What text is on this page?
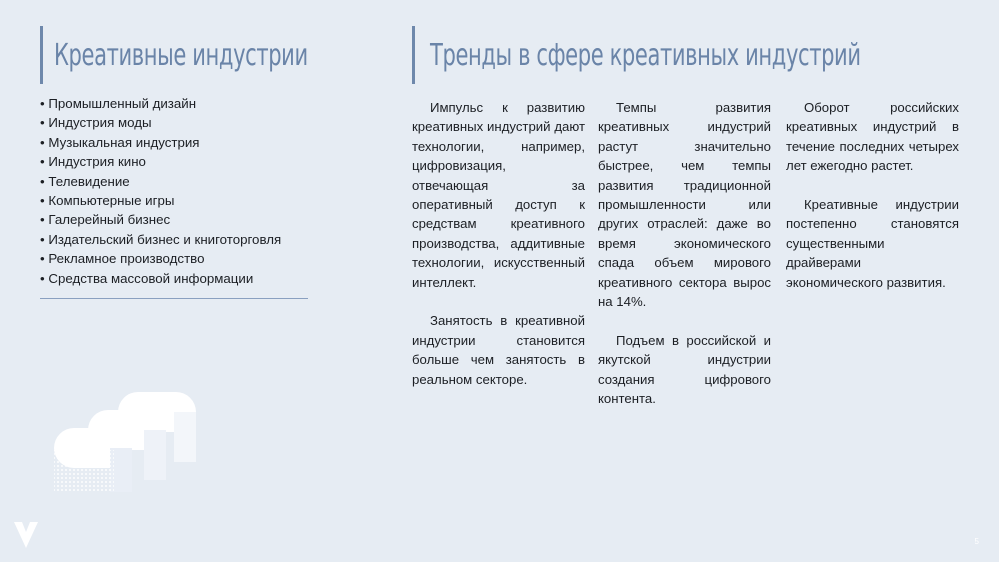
Креативные индустрии	Тренды в сфере креативных индустрий
• Промышленный дизайн
• Индустрия моды
• Музыкальная индустрия
• Индустрия кино
• Телевидение
• Компьютерные игры
• Галерейный бизнес
• Издательский бизнес и книготорговля
• Рекламное производство
• Средства массовой информации

Импульс к развитию креативных индустрий дают технологии, например, цифровизация, отвечающая за оперативный доступ к средствам креативного производства, аддитивные технологии, искусственный интеллект.

Занятость в креативной индустрии становится больше чем занятость в реальном секторе.

Темпы развития креативных индустрий растут значительно быстрее, чем темпы развития традиционной промышленности или других отраслей: даже во время экономического спада объем мирового креативного сектора вырос на 14%.

Подъем в российской и якутской индустрии создания цифрового контента.

Оборот российских креативных индустрий в течение последних четырех лет ежегодно растет.

Креативные индустрии постепенно становятся существенными драйверами экономического развития.

5
